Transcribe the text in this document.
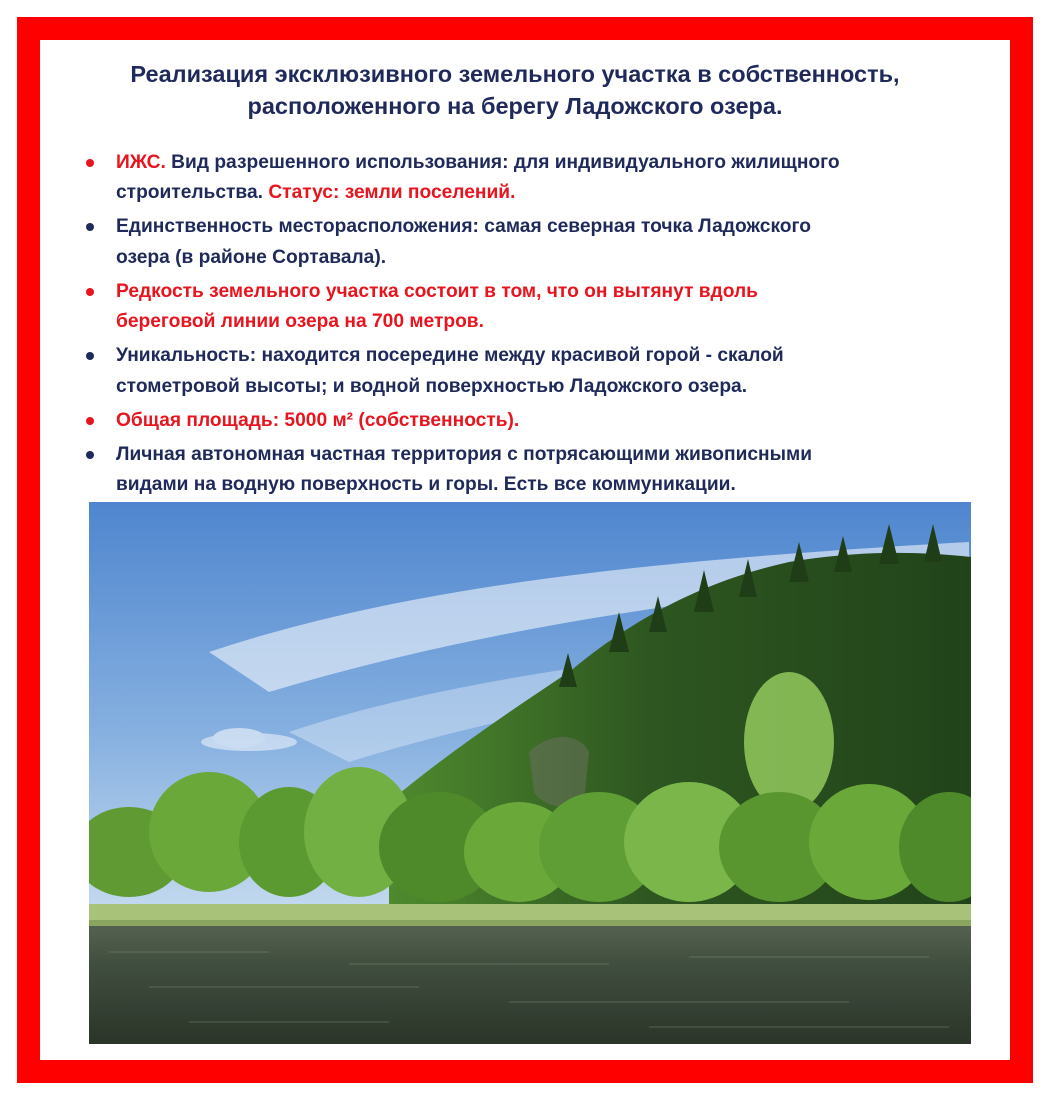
Реализация эксклюзивного земельного участка в собственность,
расположенного на берегу Ладожского озера.
ИЖС. Вид разрешенного использования: для индивидуального жилищного
строительства. Статус: земли поселений.
Единственность месторасположения: самая северная точка Ладожского
озера (в районе Сортавала).
Редкость земельного участка состоит в том, что он вытянут вдоль
береговой линии озера на 700 метров.
Уникальность: находится посередине между красивой горой - скалой
стометровой высоты; и водной поверхностью Ладожского озера.
Общая площадь: 5000 м² (собственность).
Личная автономная частная территория с потрясающими живописными
видами на водную поверхность и горы. Есть все коммуникации.
